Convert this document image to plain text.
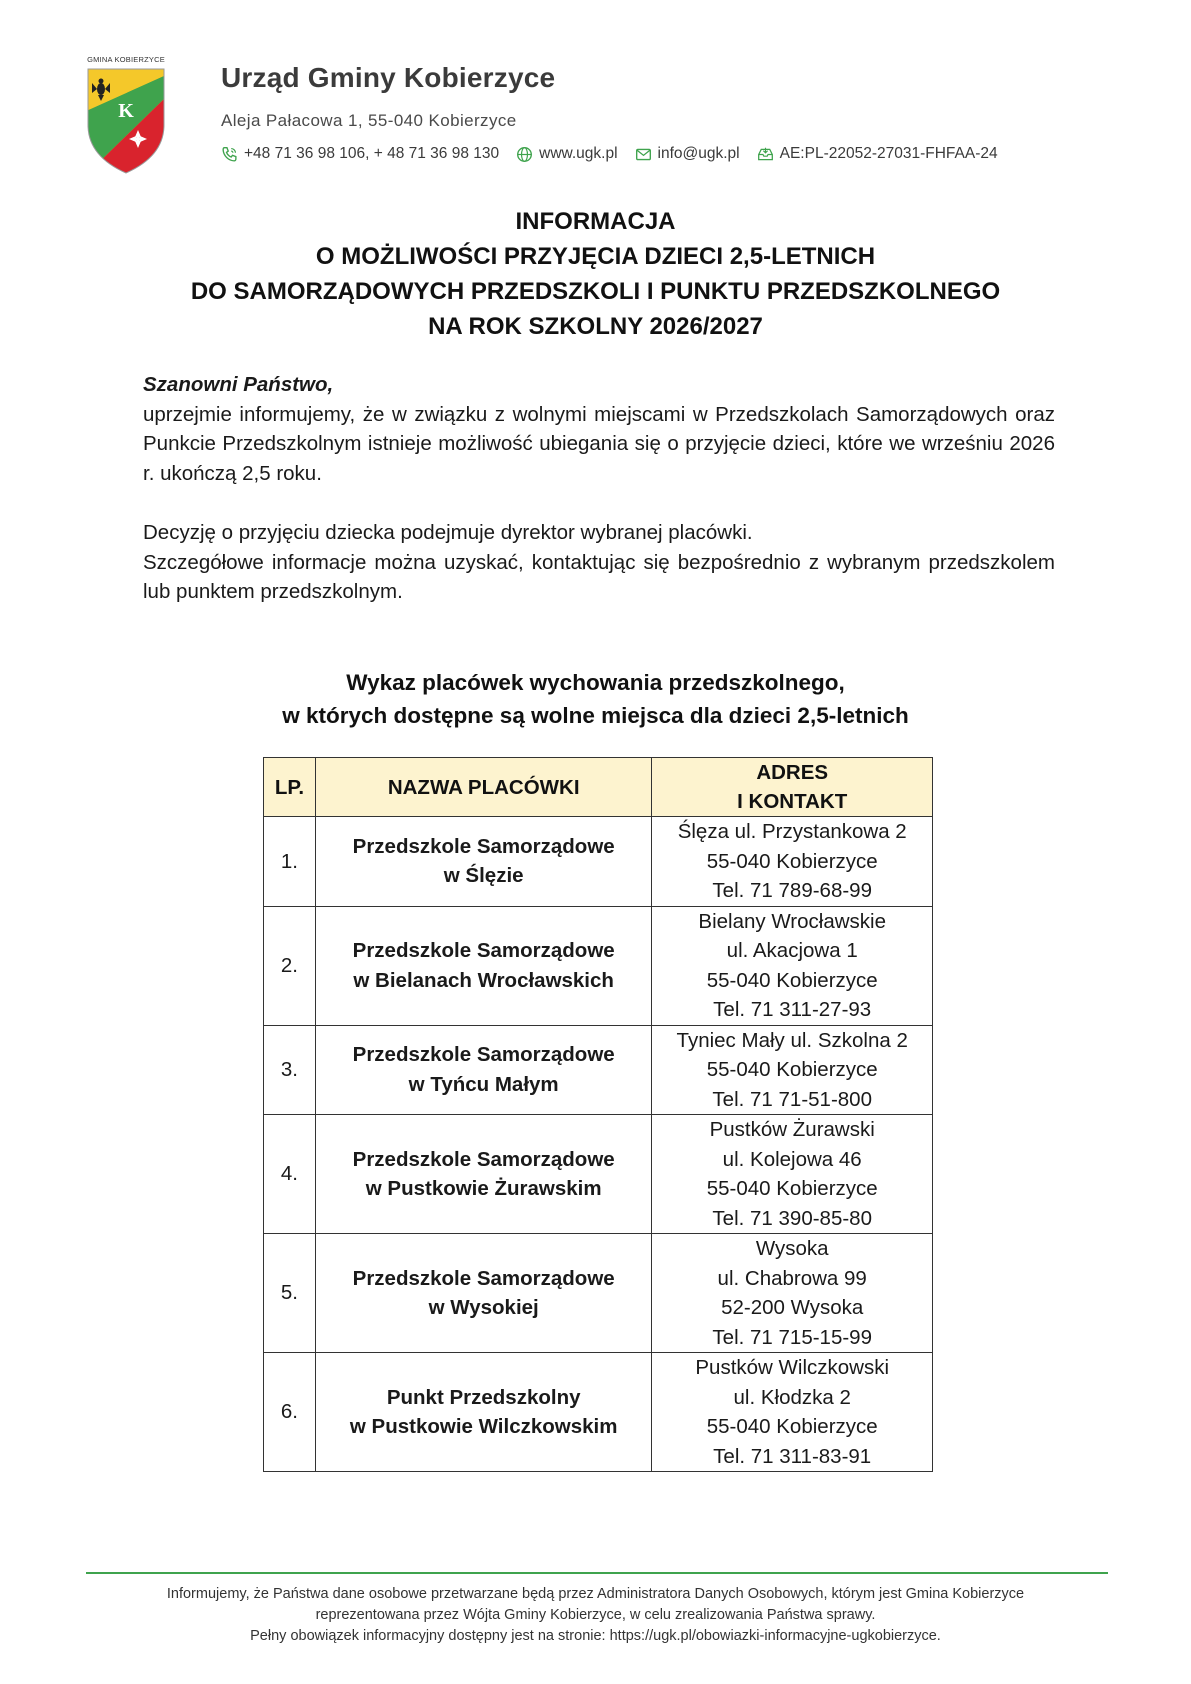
GMINA KOBIERZYCE
K
Urząd Gminy Kobierzyce
Aleja Pałacowa 1, 55-040 Kobierzyce
+48 71 36 98 106, + 48 71 36 98 130	www.ugk.pl	info@ugk.pl	AE:PL-22052-27031-FHFAA-24
INFORMACJA
O MOŻLIWOŚCI PRZYJĘCIA DZIECI 2,5-LETNICH
DO SAMORZĄDOWYCH PRZEDSZKOLI I PUNKTU PRZEDSZKOLNEGO
NA ROK SZKOLNY 2026/2027
Szanowni Państwo,
uprzejmie informujemy, że w związku z wolnymi miejscami w Przedszkolach Samorządowych oraz Punkcie Przedszkolnym istnieje możliwość ubiegania się o przyjęcie dzieci, które we wrześniu 2026 r. ukończą 2,5 roku.
Decyzję o przyjęciu dziecka podejmuje dyrektor wybranej placówki.
Szczegółowe informacje można uzyskać, kontaktując się bezpośrednio z wybranym przedszkolem lub punktem przedszkolnym.
Wykaz placówek wychowania przedszkolnego,
w których dostępne są wolne miejsca dla dzieci 2,5-letnich
LP.	NAZWA PLACÓWKI	ADRES
I KONTAKT

1.	Przedszkole Samorządowe
w Ślęzie	Ślęza ul. Przystankowa 2
55-040 Kobierzyce
Tel. 71 789-68-99

2.	Przedszkole Samorządowe
w Bielanach Wrocławskich	Bielany Wrocławskie
ul. Akacjowa 1
55-040 Kobierzyce
Tel. 71 311-27-93

3.	Przedszkole Samorządowe
w Tyńcu Małym	Tyniec Mały ul. Szkolna 2
55-040 Kobierzyce
Tel. 71 71-51-800

4.	Przedszkole Samorządowe
w Pustkowie Żurawskim	Pustków Żurawski
ul. Kolejowa 46
55-040 Kobierzyce
Tel. 71 390-85-80

5.	Przedszkole Samorządowe
w Wysokiej	Wysoka
ul. Chabrowa 99
52-200 Wysoka
Tel. 71 715-15-99

6.	Punkt Przedszkolny
w Pustkowie Wilczkowskim	Pustków Wilczkowski
ul. Kłodzka 2
55-040 Kobierzyce
Tel. 71 311-83-91
Informujemy, że Państwa dane osobowe przetwarzane będą przez Administratora Danych Osobowych, którym jest Gmina Kobierzyce
reprezentowana przez Wójta Gminy Kobierzyce, w celu zrealizowania Państwa sprawy.
Pełny obowiązek informacyjny dostępny jest na stronie: https://ugk.pl/obowiazki-informacyjne-ugkobierzyce.
